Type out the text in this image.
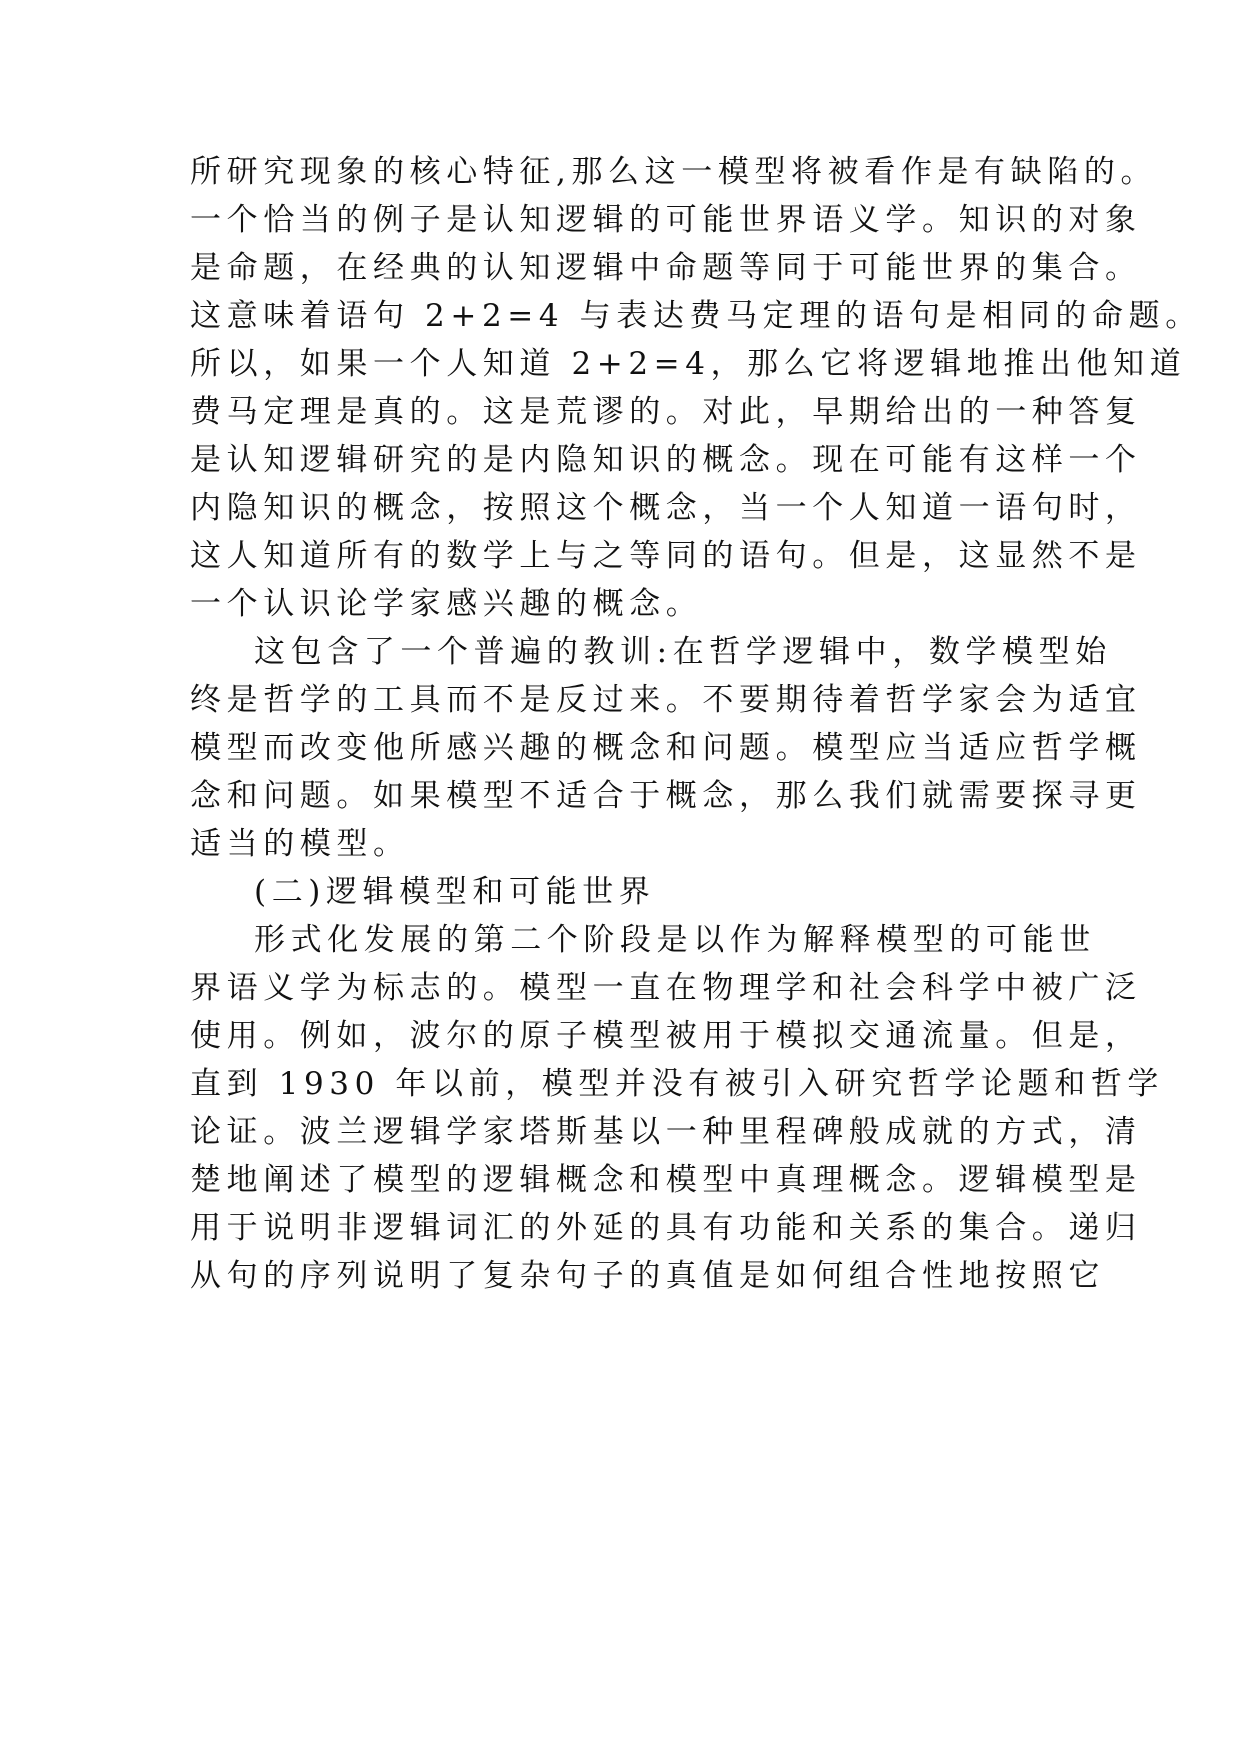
所研究现象的核心特征,那么这一模型将被看作是有缺陷的。

一个恰当的例子是认知逻辑的可能世界语义学。知识的对象

是命题，在经典的认知逻辑中命题等同于可能世界的集合。

这意味着语句 2+2=4 与表达费马定理的语句是相同的命题。

所以，如果一个人知道 2+2=4，那么它将逻辑地推出他知道

费马定理是真的。这是荒谬的。对此，早期给出的一种答复

是认知逻辑研究的是内隐知识的概念。现在可能有这样一个

内隐知识的概念，按照这个概念，当一个人知道一语句时，

这人知道所有的数学上与之等同的语句。但是，这显然不是

一个认识论学家感兴趣的概念。

这包含了一个普遍的教训:在哲学逻辑中，数学模型始

终是哲学的工具而不是反过来。不要期待着哲学家会为适宜

模型而改变他所感兴趣的概念和问题。模型应当适应哲学概

念和问题。如果模型不适合于概念，那么我们就需要探寻更

适当的模型。

(二)逻辑模型和可能世界

形式化发展的第二个阶段是以作为解释模型的可能世

界语义学为标志的。模型一直在物理学和社会科学中被广泛

使用。例如，波尔的原子模型被用于模拟交通流量。但是，

直到 1930 年以前，模型并没有被引入研究哲学论题和哲学

论证。波兰逻辑学家塔斯基以一种里程碑般成就的方式，清

楚地阐述了模型的逻辑概念和模型中真理概念。逻辑模型是

用于说明非逻辑词汇的外延的具有功能和关系的集合。递归

从句的序列说明了复杂句子的真值是如何组合性地按照它
